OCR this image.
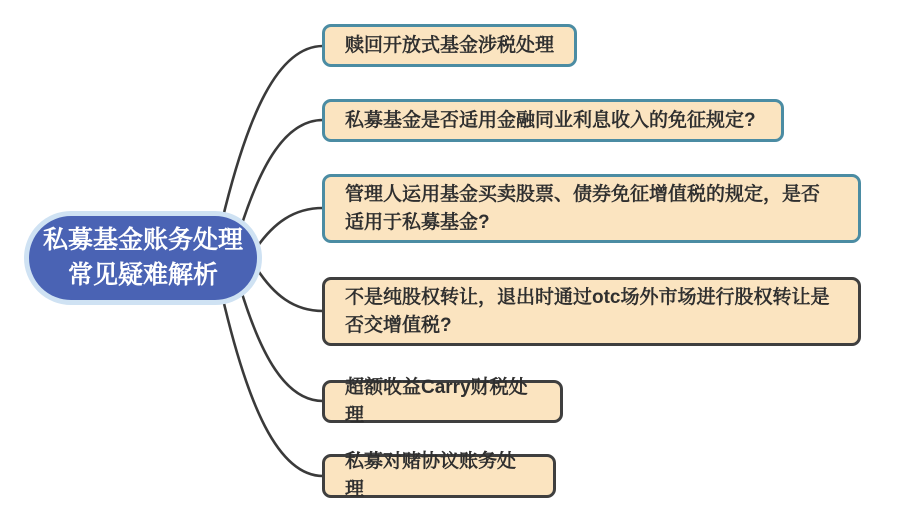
私募基金账务处理常见疑难解析
赎回开放式基金涉税处理
私募基金是否适用金融同业利息收入的免征规定?
管理人运用基金买卖股票、债券免征增值税的规定，是否适用于私募基金?
不是纯股权转让，退出时通过otc场外市场进行股权转让是否交增值税?
超额收益Carry财税处理
私募对赌协议账务处理
